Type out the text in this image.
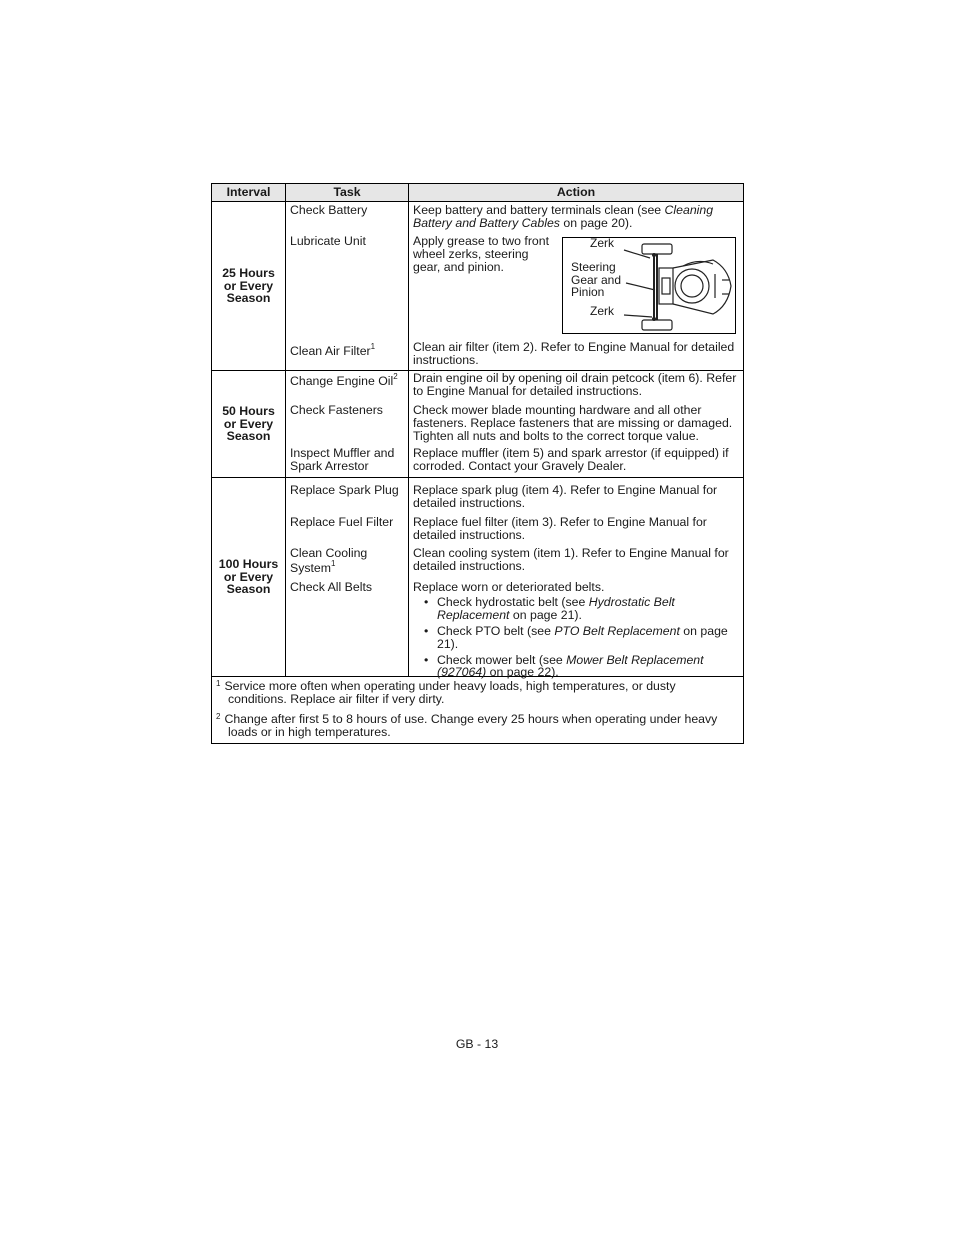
Interval	Task	Action
25 Hours
or Every
Season
Check Battery
Lubricate Unit
Clean Air Filter$^1$
Keep battery and battery terminals clean (see Cleaning Battery and Battery Cables on page 20).
Apply grease to two front wheel zerks, steering gear, and pinion.
Zerk
Steering
Gear and
Pinion
Zerk
Clean air filter (item 2). Refer to Engine Manual for detailed instructions.
50 Hours
or Every
Season
Change Engine Oil$^2$
Check Fasteners
Inspect Muffler and Spark Arrestor
Drain engine oil by opening oil drain petcock (item 6). Refer to Engine Manual for detailed instructions.
Check mower blade mounting hardware and all other fasteners. Replace fasteners that are missing or damaged. Tighten all nuts and bolts to the correct torque value.
Replace muffler (item 5) and spark arrestor (if equipped) if corroded. Contact your Gravely Dealer.
100 Hours
or Every
Season
Replace Spark Plug
Replace Fuel Filter
Clean Cooling
System$^1$
Check All Belts
Replace spark plug (item 4). Refer to Engine Manual for detailed instructions.
Replace fuel filter (item 3). Refer to Engine Manual for detailed instructions.
Clean cooling system (item 1). Refer to Engine Manual for detailed instructions.
Replace worn or deteriorated belts.
• Check hydrostatic belt (see Hydrostatic Belt Replacement on page 21).
• Check PTO belt (see PTO Belt Replacement on page 21).
• Check mower belt (see Mower Belt Replacement (927064) on page 22).
$^1$ Service more often when operating under heavy loads, high temperatures, or dusty conditions. Replace air filter if very dirty.
$^2$ Change after first 5 to 8 hours of use. Change every 25 hours when operating under heavy loads or in high temperatures.
GB - 13
